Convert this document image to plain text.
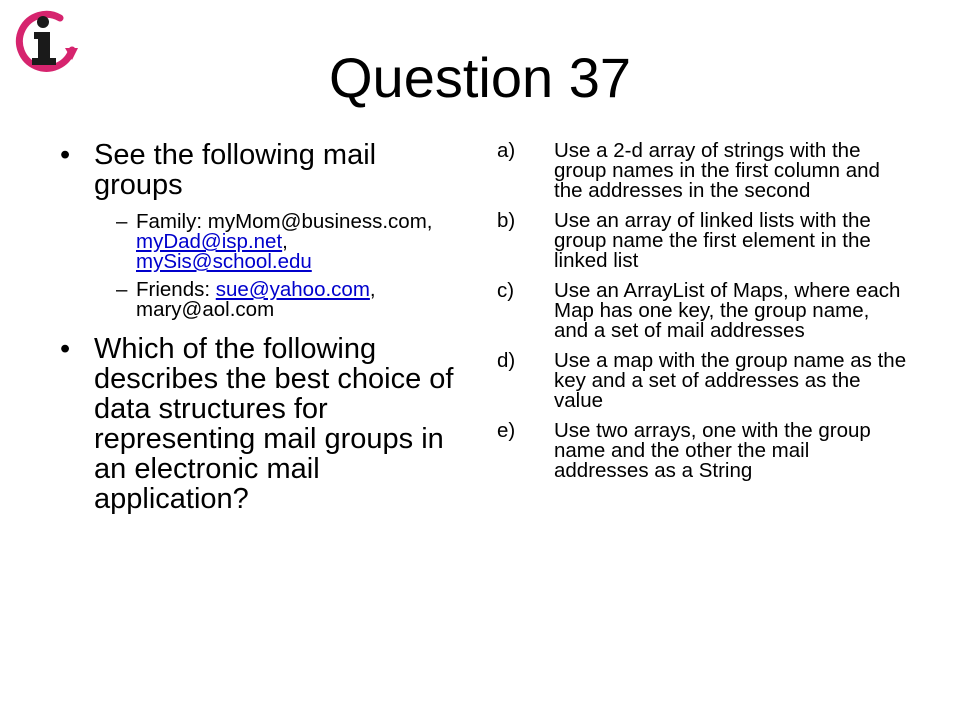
Question 37
• See the following mail groups
– Family: myMom@business.com, myDad@isp.net, mySis@school.edu
– Friends: sue@yahoo.com, mary@aol.com
• Which of the following describes the best choice of data structures for representing mail groups in an electronic mail application?
a) Use a 2-d array of strings with the group names in the first column and the addresses in the second
b) Use an array of linked lists with the group name the first element in the linked list
c) Use an ArrayList of Maps, where each Map has one key, the group name, and a set of mail addresses
d) Use a map with the group name as the key and a set of addresses as the value
e) Use two arrays, one with the group name and the other the mail addresses as a String
